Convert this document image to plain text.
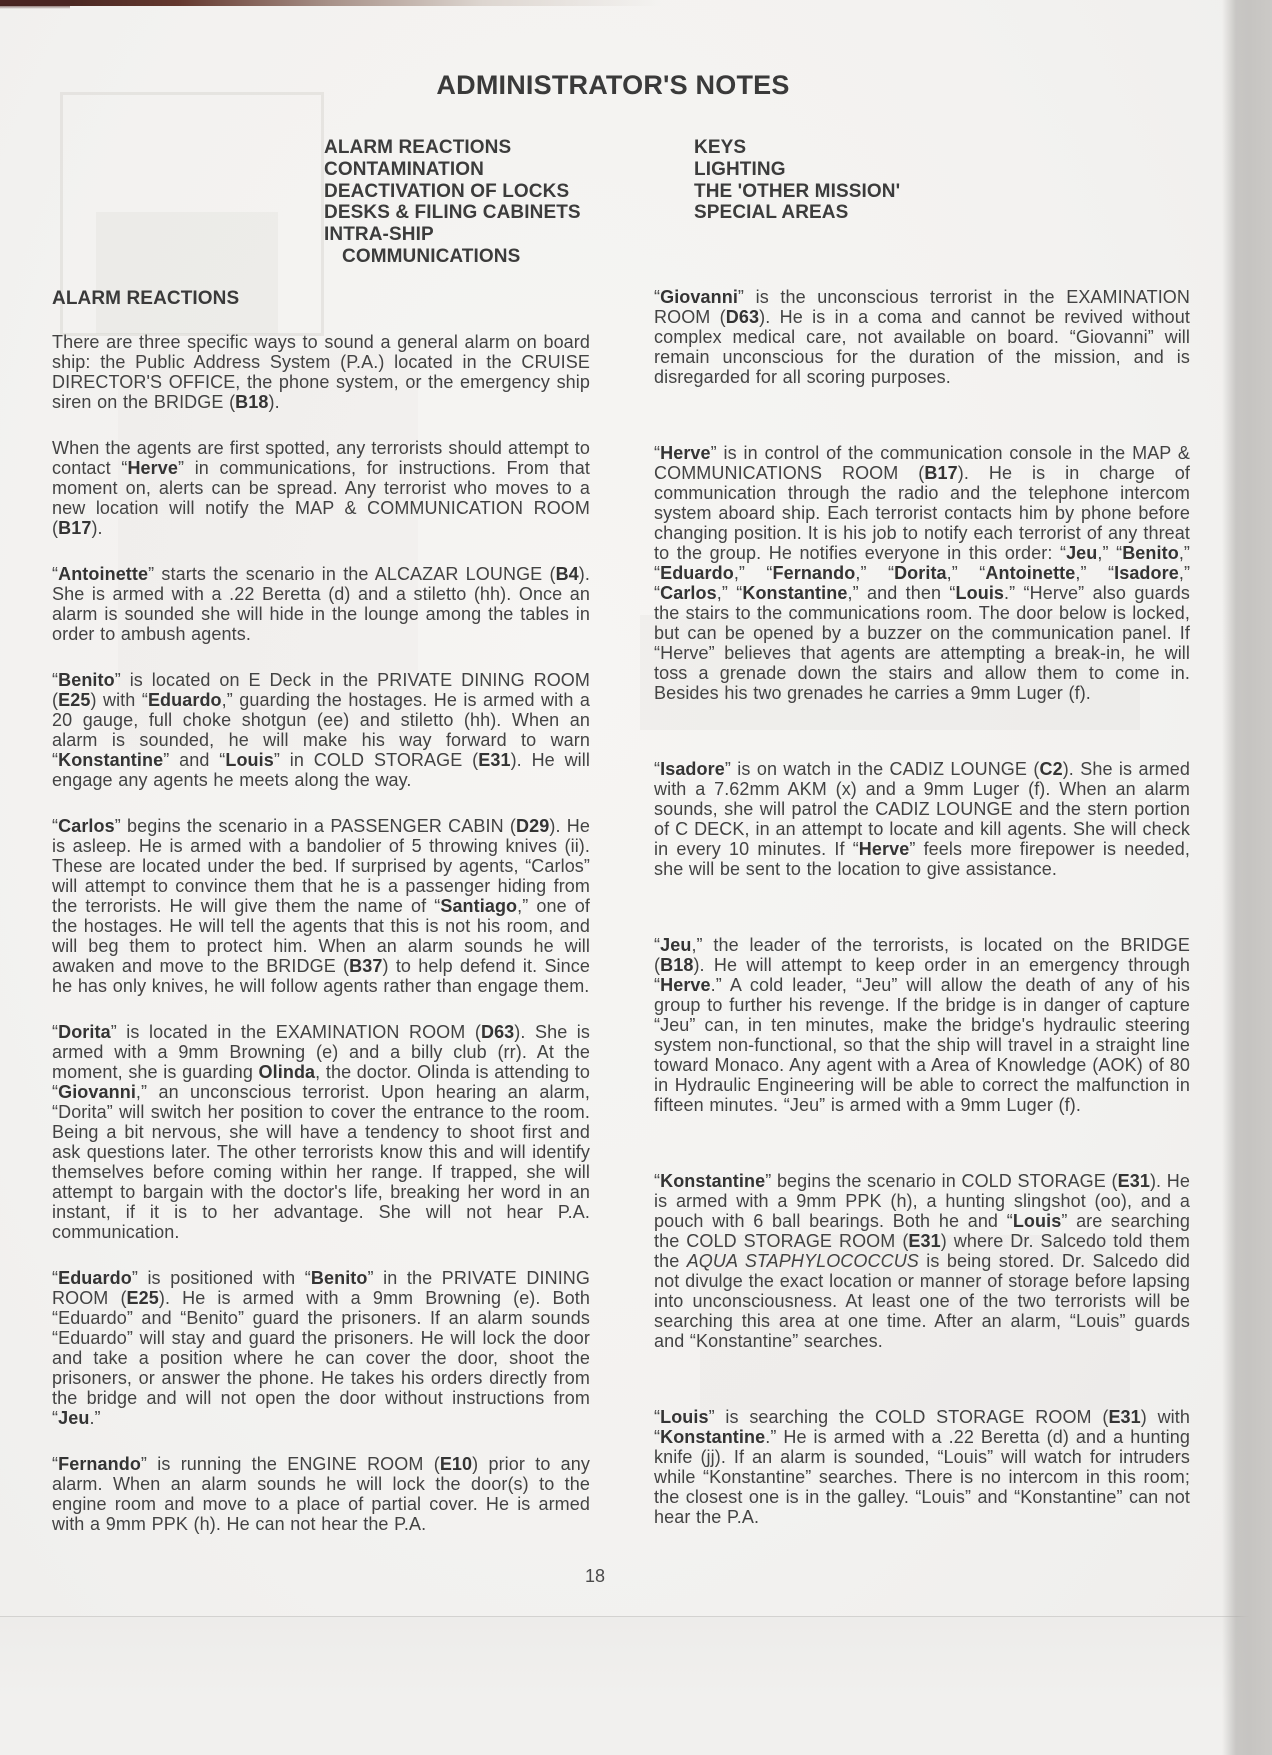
ADMINISTRATOR'S NOTES
ALARM REACTIONS
CONTAMINATION
DEACTIVATION OF LOCKS
DESKS & FILING CABINETS
INTRA-SHIP
COMMUNICATIONS
KEYS
LIGHTING
THE 'OTHER MISSION'
SPECIAL AREAS
ALARM REACTIONS

There are three specific ways to sound a general alarm on board ship: the Public Address System (P.A.) located in the CRUISE DIRECTOR'S OFFICE, the phone system, or the emergency ship siren on the BRIDGE (B18).

When the agents are first spotted, any terrorists should attempt to contact “Herve” in communications, for instructions. From that moment on, alerts can be spread. Any terrorist who moves to a new location will notify the MAP & COMMUNICATION ROOM (B17).

“Antoinette” starts the scenario in the ALCAZAR LOUNGE (B4). She is armed with a .22 Beretta (d) and a stiletto (hh). Once an alarm is sounded she will hide in the lounge among the tables in order to ambush agents.

“Benito” is located on E Deck in the PRIVATE DINING ROOM (E25) with “Eduardo,” guarding the hostages. He is armed with a 20 gauge, full choke shotgun (ee) and stiletto (hh). When an alarm is sounded, he will make his way forward to warn “Konstantine” and “Louis” in COLD STORAGE (E31). He will engage any agents he meets along the way.

“Carlos” begins the scenario in a PASSENGER CABIN (D29). He is asleep. He is armed with a bandolier of 5 throwing knives (ii). These are located under the bed. If surprised by agents, “Carlos” will attempt to convince them that he is a passenger hiding from the terrorists. He will give them the name of “Santiago,” one of the hostages. He will tell the agents that this is not his room, and will beg them to protect him. When an alarm sounds he will awaken and move to the BRIDGE (B37) to help defend it. Since he has only knives, he will follow agents rather than engage them.

“Dorita” is located in the EXAMINATION ROOM (D63). She is armed with a 9mm Browning (e) and a billy club (rr). At the moment, she is guarding Olinda, the doctor. Olinda is attending to “Giovanni,” an unconscious terrorist. Upon hearing an alarm, “Dorita” will switch her position to cover the entrance to the room. Being a bit nervous, she will have a tendency to shoot first and ask questions later. The other terrorists know this and will identify themselves before coming within her range. If trapped, she will attempt to bargain with the doctor's life, breaking her word in an instant, if it is to her advantage. She will not hear P.A. communication.

“Eduardo” is positioned with “Benito” in the PRIVATE DINING ROOM (E25). He is armed with a 9mm Browning (e). Both “Eduardo” and “Benito” guard the prisoners. If an alarm sounds “Eduardo” will stay and guard the prisoners. He will lock the door and take a position where he can cover the door, shoot the prisoners, or answer the phone. He takes his orders directly from the bridge and will not open the door without instructions from “Jeu.”

“Fernando” is running the ENGINE ROOM (E10) prior to any alarm. When an alarm sounds he will lock the door(s) to the engine room and move to a place of partial cover. He is armed with a 9mm PPK (h). He can not hear the P.A.

“Giovanni” is the unconscious terrorist in the EXAMINATION ROOM (D63). He is in a coma and cannot be revived without complex medical care, not available on board. “Giovanni” will remain unconscious for the duration of the mission, and is disregarded for all scoring purposes.

“Herve” is in control of the communication console in the MAP & COMMUNICATIONS ROOM (B17). He is in charge of communication through the radio and the telephone intercom system aboard ship. Each terrorist contacts him by phone before changing position. It is his job to notify each terrorist of any threat to the group. He notifies everyone in this order: “Jeu,” “Benito,” “Eduardo,” “Fernando,” “Dorita,” “Antoinette,” “Isadore,” “Carlos,” “Konstantine,” and then “Louis.” “Herve” also guards the stairs to the communications room. The door below is locked, but can be opened by a buzzer on the communication panel. If “Herve” believes that agents are attempting a break-in, he will toss a grenade down the stairs and allow them to come in. Besides his two grenades he carries a 9mm Luger (f).

“Isadore” is on watch in the CADIZ LOUNGE (C2). She is armed with a 7.62mm AKM (x) and a 9mm Luger (f). When an alarm sounds, she will patrol the CADIZ LOUNGE and the stern portion of C DECK, in an attempt to locate and kill agents. She will check in every 10 minutes. If “Herve” feels more firepower is needed, she will be sent to the location to give assistance.

“Jeu,” the leader of the terrorists, is located on the BRIDGE (B18). He will attempt to keep order in an emergency through “Herve.” A cold leader, “Jeu” will allow the death of any of his group to further his revenge. If the bridge is in danger of capture “Jeu” can, in ten minutes, make the bridge's hydraulic steering system non-functional, so that the ship will travel in a straight line toward Monaco. Any agent with a Area of Knowledge (AOK) of 80 in Hydraulic Engineering will be able to correct the malfunction in fifteen minutes. “Jeu” is armed with a 9mm Luger (f).

“Konstantine” begins the scenario in COLD STORAGE (E31). He is armed with a 9mm PPK (h), a hunting slingshot (oo), and a pouch with 6 ball bearings. Both he and “Louis” are searching the COLD STORAGE ROOM (E31) where Dr. Salcedo told them the AQUA STAPHYLOCOCCUS is being stored. Dr. Salcedo did not divulge the exact location or manner of storage before lapsing into unconsciousness. At least one of the two terrorists will be searching this area at one time. After an alarm, “Louis” guards and “Konstantine” searches.

“Louis” is searching the COLD STORAGE ROOM (E31) with “Konstantine.” He is armed with a .22 Beretta (d) and a hunting knife (jj). If an alarm is sounded, “Louis” will watch for intruders while “Konstantine” searches. There is no intercom in this room; the closest one is in the galley. “Louis” and “Konstantine” can not hear the P.A.

18
